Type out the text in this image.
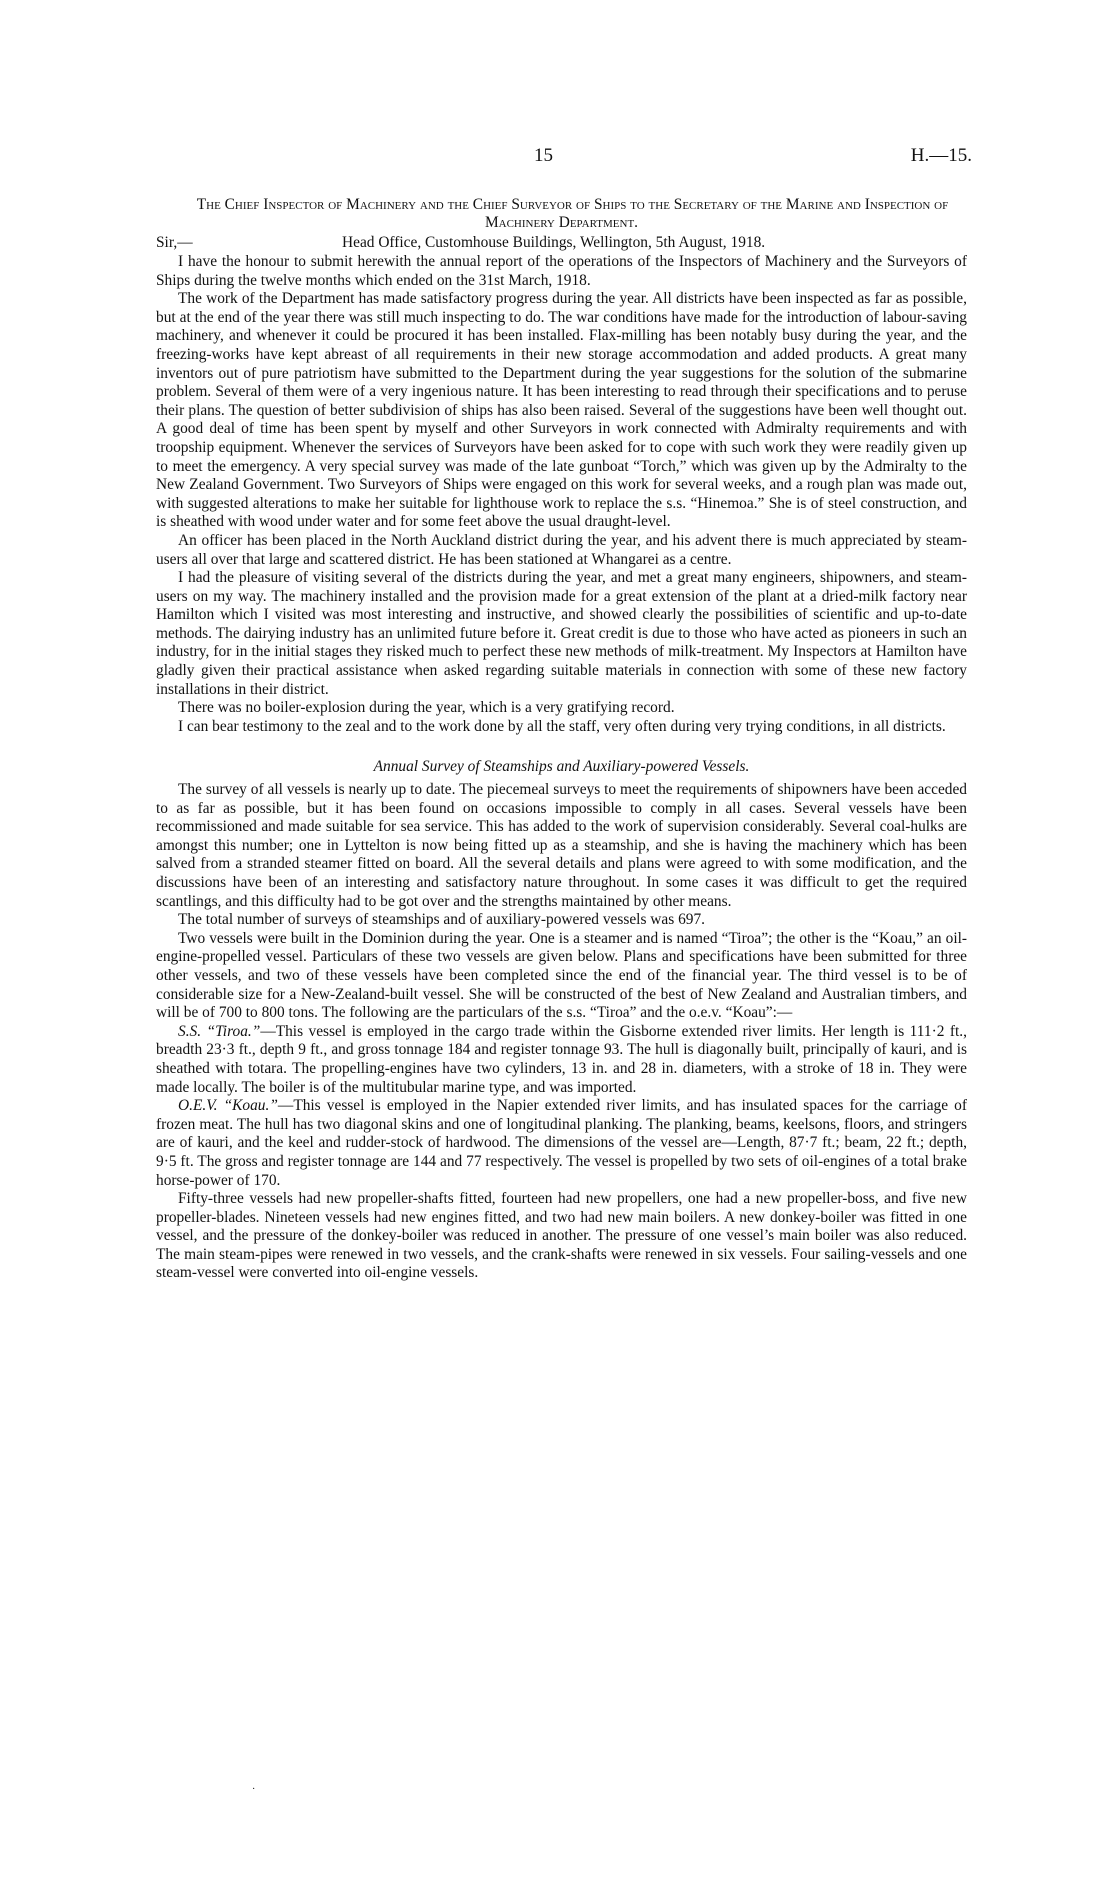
15	H.—15.

The Chief Inspector of Machinery and the Chief Surveyor of Ships to the Secretary of the Marine and Inspection of Machinery Department.

Sir,—	Head Office, Customhouse Buildings, Wellington, 5th August, 1918.

I have the honour to submit herewith the annual report of the operations of the Inspectors of Machinery and the Surveyors of Ships during the twelve months which ended on the 31st March, 1918.

The work of the Department has made satisfactory progress during the year. All districts have been inspected as far as possible, but at the end of the year there was still much inspecting to do. The war conditions have made for the introduction of labour-saving machinery, and whenever it could be procured it has been installed. Flax-milling has been notably busy during the year, and the freezing-works have kept abreast of all requirements in their new storage accommodation and added products. A great many inventors out of pure patriotism have submitted to the Department during the year suggestions for the solution of the submarine problem. Several of them were of a very ingenious nature. It has been interesting to read through their specifications and to peruse their plans. The question of better subdivision of ships has also been raised. Several of the suggestions have been well thought out. A good deal of time has been spent by myself and other Surveyors in work connected with Admiralty requirements and with troopship equipment. Whenever the services of Surveyors have been asked for to cope with such work they were readily given up to meet the emergency. A very special survey was made of the late gunboat “Torch,” which was given up by the Admiralty to the New Zealand Government. Two Surveyors of Ships were engaged on this work for several weeks, and a rough plan was made out, with suggested alterations to make her suitable for lighthouse work to replace the s.s. “Hinemoa.” She is of steel construction, and is sheathed with wood under water and for some feet above the usual draught-level.

An officer has been placed in the North Auckland district during the year, and his advent there is much appreciated by steam-users all over that large and scattered district. He has been stationed at Whangarei as a centre.

I had the pleasure of visiting several of the districts during the year, and met a great many engineers, shipowners, and steam-users on my way. The machinery installed and the provision made for a great extension of the plant at a dried-milk factory near Hamilton which I visited was most interesting and instructive, and showed clearly the possibilities of scientific and up-to-date methods. The dairying industry has an unlimited future before it. Great credit is due to those who have acted as pioneers in such an industry, for in the initial stages they risked much to perfect these new methods of milk-treatment. My Inspectors at Hamilton have gladly given their practical assistance when asked regarding suitable materials in connection with some of these new factory installations in their district.

There was no boiler-explosion during the year, which is a very gratifying record.

I can bear testimony to the zeal and to the work done by all the staff, very often during very trying conditions, in all districts.

Annual Survey of Steamships and Auxiliary-powered Vessels.

The survey of all vessels is nearly up to date. The piecemeal surveys to meet the requirements of shipowners have been acceded to as far as possible, but it has been found on occasions impossible to comply in all cases. Several vessels have been recommissioned and made suitable for sea service. This has added to the work of supervision considerably. Several coal-hulks are amongst this number; one in Lyttelton is now being fitted up as a steamship, and she is having the machinery which has been salved from a stranded steamer fitted on board. All the several details and plans were agreed to with some modification, and the discussions have been of an interesting and satisfactory nature throughout. In some cases it was difficult to get the required scantlings, and this difficulty had to be got over and the strengths maintained by other means.

The total number of surveys of steamships and of auxiliary-powered vessels was 697.

Two vessels were built in the Dominion during the year. One is a steamer and is named “Tiroa”; the other is the “Koau,” an oil-engine-propelled vessel. Particulars of these two vessels are given below. Plans and specifications have been submitted for three other vessels, and two of these vessels have been completed since the end of the financial year. The third vessel is to be of considerable size for a New-Zealand-built vessel. She will be constructed of the best of New Zealand and Australian timbers, and will be of 700 to 800 tons. The following are the particulars of the s.s. “Tiroa” and the o.e.v. “Koau”:—

S.S. “Tiroa.”—This vessel is employed in the cargo trade within the Gisborne extended river limits. Her length is 111·2 ft., breadth 23·3 ft., depth 9 ft., and gross tonnage 184 and register tonnage 93. The hull is diagonally built, principally of kauri, and is sheathed with totara. The propelling-engines have two cylinders, 13 in. and 28 in. diameters, with a stroke of 18 in. They were made locally. The boiler is of the multitubular marine type, and was imported.

O.E.V. “Koau.”—This vessel is employed in the Napier extended river limits, and has insulated spaces for the carriage of frozen meat. The hull has two diagonal skins and one of longitudinal planking. The planking, beams, keelsons, floors, and stringers are of kauri, and the keel and rudder-stock of hardwood. The dimensions of the vessel are—Length, 87·7 ft.; beam, 22 ft.; depth, 9·5 ft. The gross and register tonnage are 144 and 77 respectively. The vessel is propelled by two sets of oil-engines of a total brake horse-power of 170.

Fifty-three vessels had new propeller-shafts fitted, fourteen had new propellers, one had a new propeller-boss, and five new propeller-blades. Nineteen vessels had new engines fitted, and two had new main boilers. A new donkey-boiler was fitted in one vessel, and the pressure of the donkey-boiler was reduced in another. The pressure of one vessel’s main boiler was also reduced. The main steam-pipes were renewed in two vessels, and the crank-shafts were renewed in six vessels. Four sailing-vessels and one steam-vessel were converted into oil-engine vessels.

·
